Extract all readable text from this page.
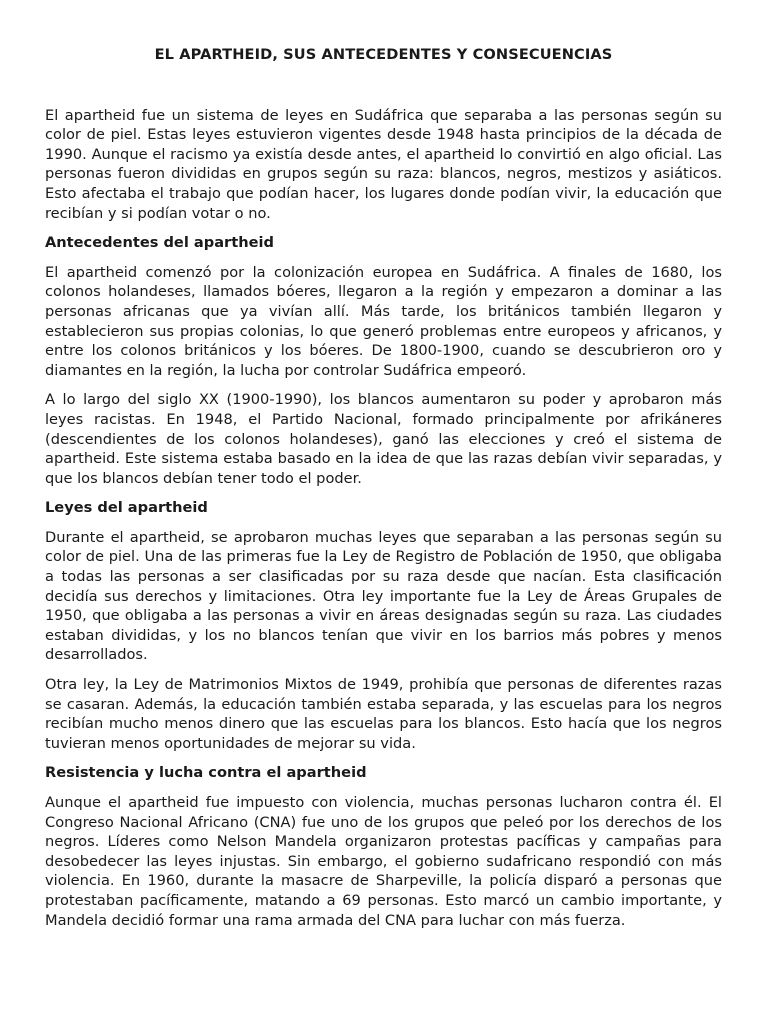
EL APARTHEID, SUS ANTECEDENTES Y CONSECUENCIAS

El apartheid fue un sistema de leyes en Sudáfrica que separaba a las personas según su color de piel. Estas leyes estuvieron vigentes desde 1948 hasta principios de la década de 1990. Aunque el racismo ya existía desde antes, el apartheid lo convirtió en algo oficial. Las personas fueron divididas en grupos según su raza: blancos, negros, mestizos y asiáticos. Esto afectaba el trabajo que podían hacer, los lugares donde podían vivir, la educación que recibían y si podían votar o no.

Antecedentes del apartheid

El apartheid comenzó por la colonización europea en Sudáfrica. A finales de 1680, los colonos holandeses, llamados bóeres, llegaron a la región y empezaron a dominar a las personas africanas que ya vivían allí. Más tarde, los británicos también llegaron y establecieron sus propias colonias, lo que generó problemas entre europeos y africanos, y entre los colonos británicos y los bóeres. De 1800-1900, cuando se descubrieron oro y diamantes en la región, la lucha por controlar Sudáfrica empeoró.

A lo largo del siglo XX (1900-1990), los blancos aumentaron su poder y aprobaron más leyes racistas. En 1948, el Partido Nacional, formado principalmente por afrikáneres (descendientes de los colonos holandeses), ganó las elecciones y creó el sistema de apartheid. Este sistema estaba basado en la idea de que las razas debían vivir separadas, y que los blancos debían tener todo el poder.

Leyes del apartheid

Durante el apartheid, se aprobaron muchas leyes que separaban a las personas según su color de piel. Una de las primeras fue la Ley de Registro de Población de 1950, que obligaba a todas las personas a ser clasificadas por su raza desde que nacían. Esta clasificación decidía sus derechos y limitaciones. Otra ley importante fue la Ley de Áreas Grupales de 1950, que obligaba a las personas a vivir en áreas designadas según su raza. Las ciudades estaban divididas, y los no blancos tenían que vivir en los barrios más pobres y menos desarrollados.

Otra ley, la Ley de Matrimonios Mixtos de 1949, prohibía que personas de diferentes razas se casaran. Además, la educación también estaba separada, y las escuelas para los negros recibían mucho menos dinero que las escuelas para los blancos. Esto hacía que los negros tuvieran menos oportunidades de mejorar su vida.

Resistencia y lucha contra el apartheid

Aunque el apartheid fue impuesto con violencia, muchas personas lucharon contra él. El Congreso Nacional Africano (CNA) fue uno de los grupos que peleó por los derechos de los negros. Líderes como Nelson Mandela organizaron protestas pacíficas y campañas para desobedecer las leyes injustas. Sin embargo, el gobierno sudafricano respondió con más violencia. En 1960, durante la masacre de Sharpeville, la policía disparó a personas que protestaban pacíficamente, matando a 69 personas. Esto marcó un cambio importante, y Mandela decidió formar una rama armada del CNA para luchar con más fuerza.
